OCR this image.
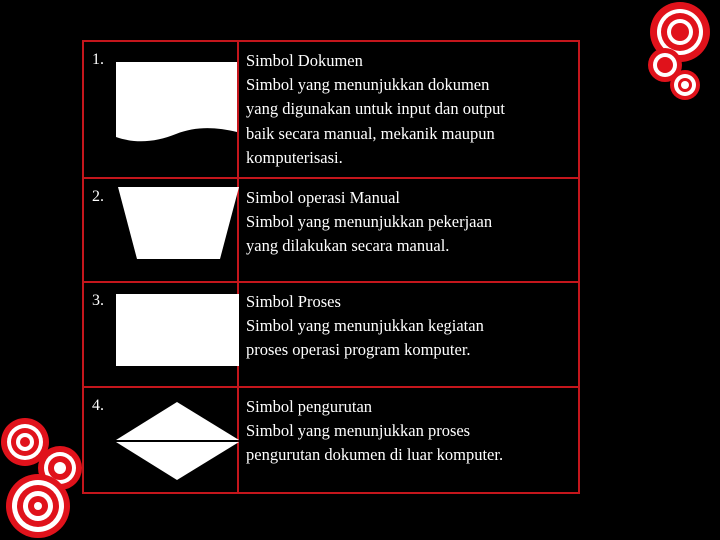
1.	Simbol Dokumen
Simbol yang menunjukkan dokumen
yang digunakan untuk input dan output
baik secara manual, mekanik maupun
komputerisasi.

2.	Simbol operasi Manual
Simbol yang menunjukkan pekerjaan
yang dilakukan secara manual.

3.	Simbol Proses
Simbol yang menunjukkan kegiatan
proses operasi program komputer.

4.	Simbol pengurutan
Simbol yang menunjukkan proses
pengurutan dokumen di luar komputer.
